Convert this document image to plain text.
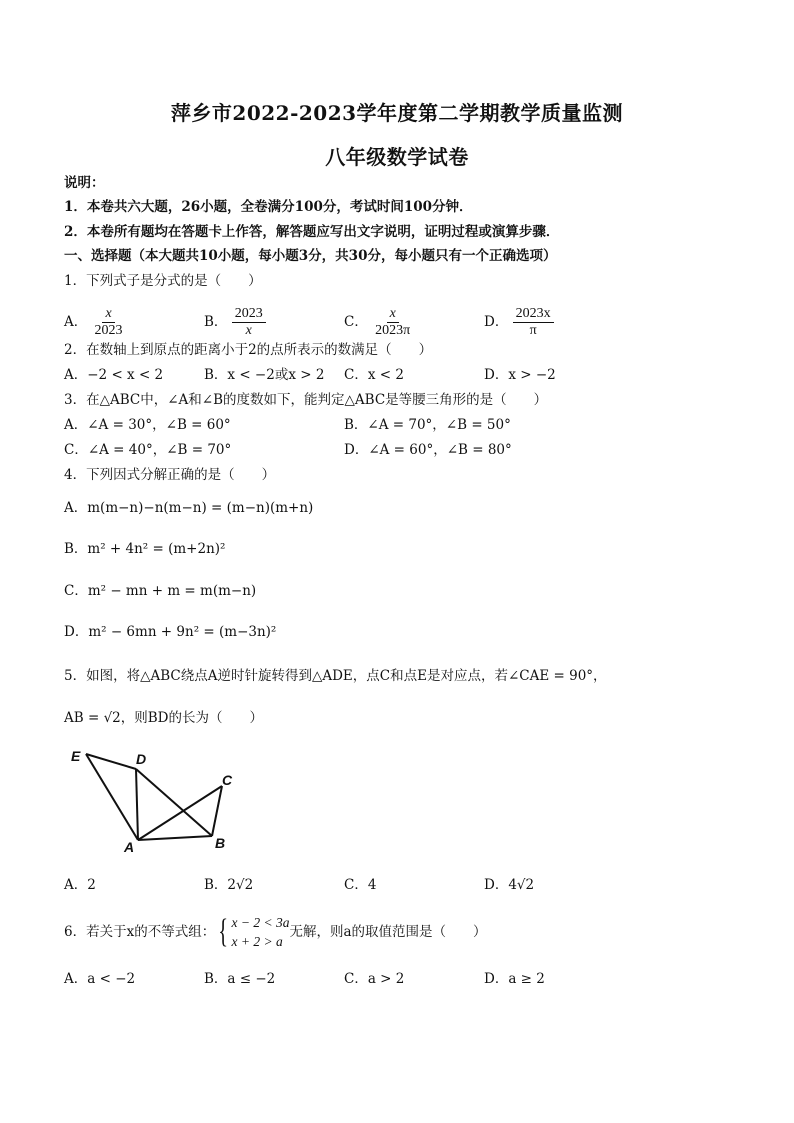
萍乡市2022-2023学年度第二学期教学质量监测
八年级数学试卷
说明：
1．本卷共六大题，26小题，全卷满分100分，考试时间100分钟．
2．本卷所有题均在答题卡上作答，解答题应写出文字说明，证明过程或演算步骤．
一、选择题（本大题共10小题，每小题3分，共30分，每小题只有一个正确选项）
1．下列式子是分式的是（　　）
A． $\frac{x}{2023}$	B． $\frac{2023}{x}$	C． $\frac{x}{2023\pi}$	D． $\frac{2023x}{\pi}$
2．在数轴上到原点的距离小于2的点所表示的数满足（　　）
A．−2 < x < 2	B．x < −2或x > 2 C．x < 2	D．x > −2
3．在△ABC中，∠A和∠B的度数如下，能判定△ABC是等腰三角形的是（　　）
A．∠A = 30°，∠B = 60°	B．∠A = 70°，∠B = 50°
C．∠A = 40°，∠B = 70°	D．∠A = 60°，∠B = 80°
4．下列因式分解正确的是（　　）
A．m(m−n)−n(m−n) = (m−n)(m+n)
B．m² + 4n² = (m+2n)²
C．m² − mn + m = m(m−n)
D．m² − 6mn + 9n² = (m−3n)²
5．如图，将△ABC绕点A逆时针旋转得到△ADE，点C和点E是对应点，若∠CAE = 90°，
AB = √2，则BD的长为（　　）
E	D
C
A	B
A．2	B．2√2	C．4	D．4√2
6．若关于x的不等式组： { x − 2 < 3a
x + 2 > a
无解，则a的取值范围是（　　）
A．a < −2	B．a ≤ −2	C．a > 2	D．a ≥ 2
